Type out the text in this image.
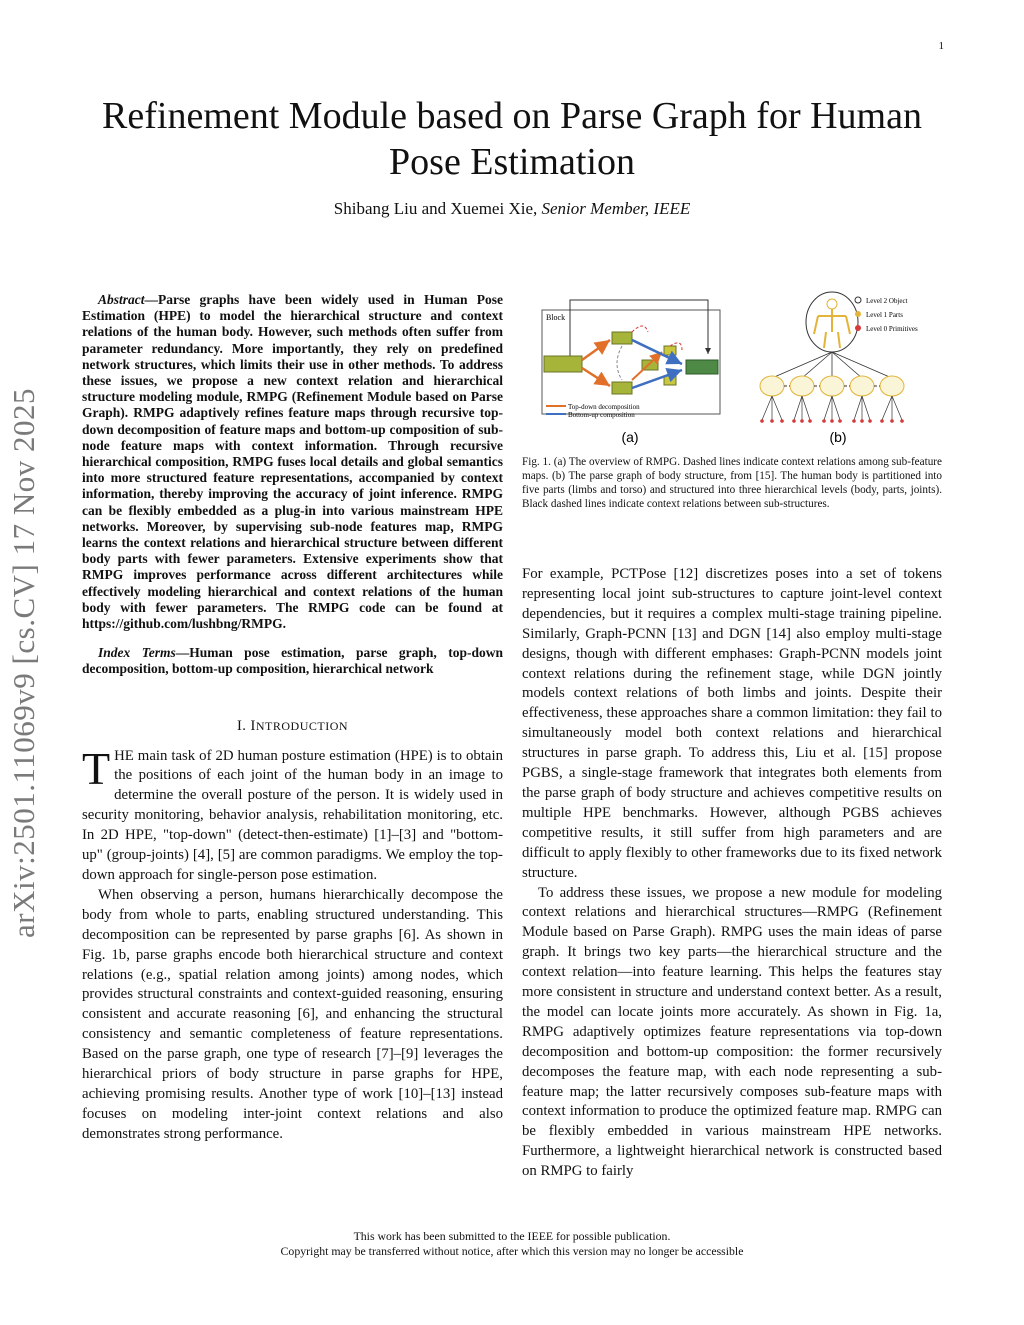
1
arXiv:2501.11069v9 [cs.CV] 17 Nov 2025
Refinement Module based on Parse Graph for Human Pose Estimation
Shibang Liu and Xuemei Xie, Senior Member, IEEE

Abstract—Parse graphs have been widely used in Human Pose Estimation (HPE) to model the hierarchical structure and context relations of the human body. However, such methods often suffer from parameter redundancy. More importantly, they rely on predefined network structures, which limits their use in other methods. To address these issues, we propose a new context relation and hierarchical structure modeling module, RMPG (Refinement Module based on Parse Graph). RMPG adaptively refines feature maps through recursive top-down decomposition of feature maps and bottom-up composition of sub-node feature maps with context information. Through recursive hierarchical composition, RMPG fuses local details and global semantics into more structured feature representations, accompanied by context information, thereby improving the accuracy of joint inference. RMPG can be flexibly embedded as a plug-in into various mainstream HPE networks. Moreover, by supervising sub-node features map, RMPG learns the context relations and hierarchical structure between different body parts with fewer parameters. Extensive experiments show that RMPG improves performance across different architectures while effectively modeling hierarchical and context relations of the human body with fewer parameters. The RMPG code can be found at https://github.com/lushbng/RMPG.

Index Terms—Human pose estimation, parse graph, top-down decomposition, bottom-up composition, hierarchical network
I. INTRODUCTION

THE main task of 2D human posture estimation (HPE) is to obtain the positions of each joint of the human body in an image to determine the overall posture of the person. It is widely used in security monitoring, behavior analysis, rehabilitation monitoring, etc. In 2D HPE, "top-down" (detect-then-estimate) [1]–[3] and "bottom-up" (group-joints) [4], [5] are common paradigms. We employ the top-down approach for single-person pose estimation.

When observing a person, humans hierarchically decompose the body from whole to parts, enabling structured understanding. This decomposition can be represented by parse graphs [6]. As shown in Fig. 1b, parse graphs encode both hierarchical structure and context relations (e.g., spatial relation among joints) among nodes, which provides structural constraints and context-guided reasoning, ensuring consistent and accurate reasoning [6], and enhancing the structural consistency and semantic completeness of feature representations. Based on the parse graph, one type of research [7]–[9] leverages the hierarchical priors of body structure in parse graphs for HPE, achieving promising results. Another type of work [10]–[13] instead focuses on modeling inter-joint context relations and also demonstrates strong performance.

Block
Top-down decomposition
Bottom-up composition
(a)
Level 2 Object
Level 1 Parts
Level 0 Primitives
(b)
Fig. 1. (a) The overview of RMPG. Dashed lines indicate context relations among sub-feature maps. (b) The parse graph of body structure, from [15]. The human body is partitioned into five parts (limbs and torso) and structured into three hierarchical levels (body, parts, joints). Black dashed lines indicate context relations between sub-structures.

For example, PCTPose [12] discretizes poses into a set of tokens representing local joint sub-structures to capture joint-level context dependencies, but it requires a complex multi-stage training pipeline. Similarly, Graph-PCNN [13] and DGN [14] also employ multi-stage designs, though with different emphases: Graph-PCNN models joint context relations during the refinement stage, while DGN jointly models context relations of both limbs and joints. Despite their effectiveness, these approaches share a common limitation: they fail to simultaneously model both context relations and hierarchical structures in parse graph. To address this, Liu et al. [15] propose PGBS, a single-stage framework that integrates both elements from the parse graph of body structure and achieves competitive results on multiple HPE benchmarks. However, although PGBS achieves competitive results, it still suffer from high parameters and are difficult to apply flexibly to other frameworks due to its fixed network structure.

To address these issues, we propose a new module for modeling context relations and hierarchical structures—RMPG (Refinement Module based on Parse Graph). RMPG uses the main ideas of parse graph. It brings two key parts—the hierarchical structure and the context relation—into feature learning. This helps the features stay more consistent in structure and understand context better. As a result, the model can locate joints more accurately. As shown in Fig. 1a, RMPG adaptively optimizes feature representations via top-down decomposition and bottom-up composition: the former recursively decomposes the feature map, with each node representing a sub-feature map; the latter recursively composes sub-feature maps with context information to produce the optimized feature map. RMPG can be flexibly embedded in various mainstream HPE networks. Furthermore, a lightweight hierarchical network is constructed based on RMPG to fairly

This work has been submitted to the IEEE for possible publication.
Copyright may be transferred without notice, after which this version may no longer be accessible
